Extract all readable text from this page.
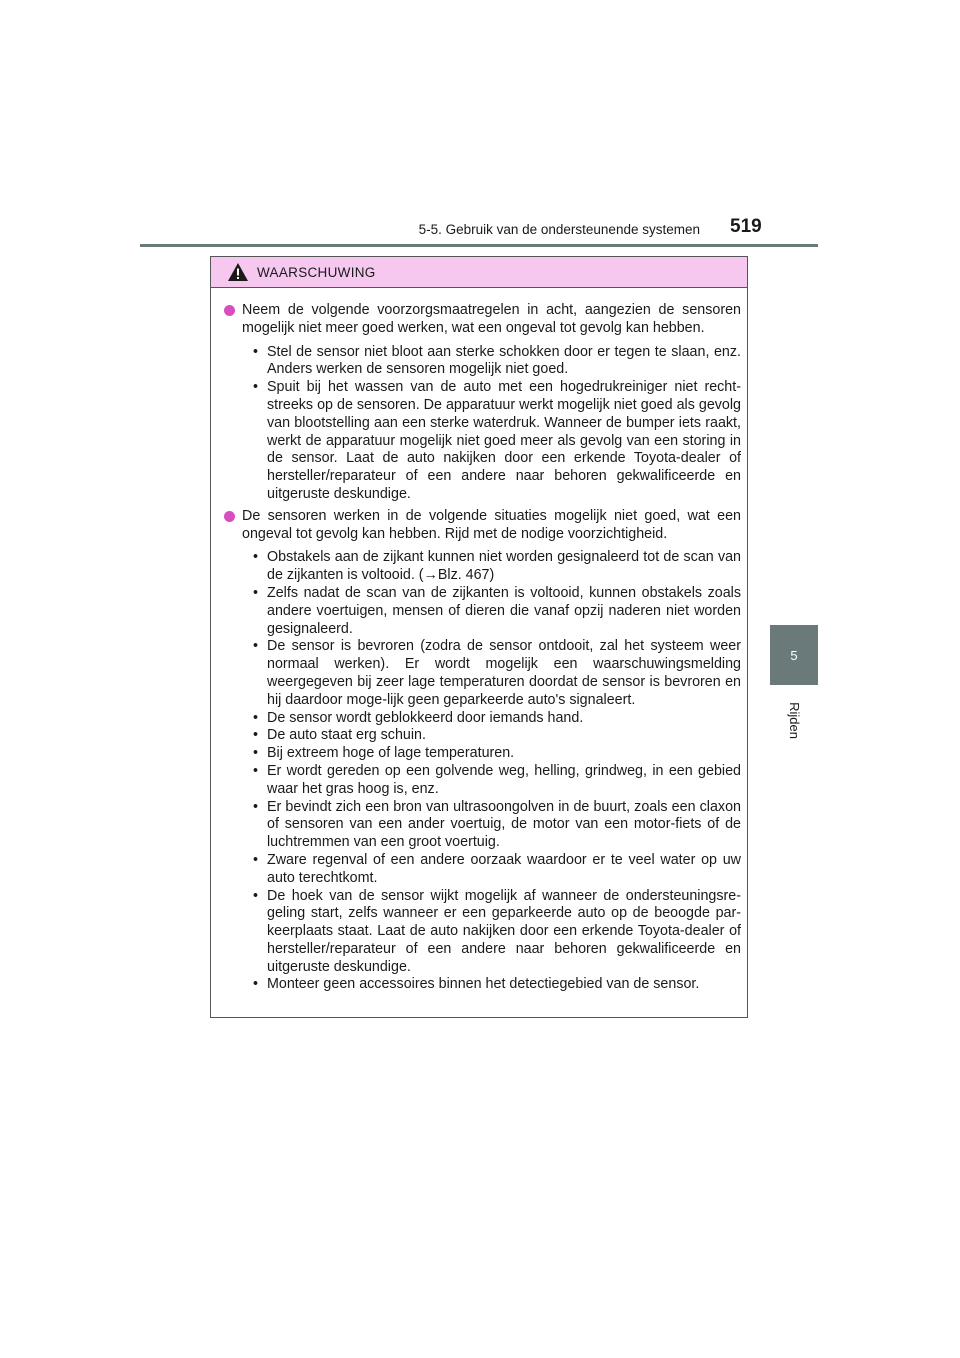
5-5. Gebruik van de ondersteunende systemen 519
5
Rijden
WAARSCHUWING
Neem de volgende voorzorgsmaatregelen in acht, aangezien de sensoren mogelijk niet meer goed werken, wat een ongeval tot gevolg kan hebben.
• Stel de sensor niet bloot aan sterke schokken door er tegen te slaan, enz. Anders werken de sensoren mogelijk niet goed.
• Spuit bij het wassen van de auto met een hogedrukreiniger niet recht-streeks op de sensoren. De apparatuur werkt mogelijk niet goed als gevolg van blootstelling aan een sterke waterdruk. Wanneer de bumper iets raakt, werkt de apparatuur mogelijk niet goed meer als gevolg van een storing in de sensor. Laat de auto nakijken door een erkende Toyota-dealer of hersteller/reparateur of een andere naar behoren gekwalificeerde en uitgeruste deskundige.
De sensoren werken in de volgende situaties mogelijk niet goed, wat een ongeval tot gevolg kan hebben. Rijd met de nodige voorzichtigheid.
• Obstakels aan de zijkant kunnen niet worden gesignaleerd tot de scan van de zijkanten is voltooid. (→Blz. 467)
• Zelfs nadat de scan van de zijkanten is voltooid, kunnen obstakels zoals andere voertuigen, mensen of dieren die vanaf opzij naderen niet worden gesignaleerd.
• De sensor is bevroren (zodra de sensor ontdooit, zal het systeem weer normaal werken). Er wordt mogelijk een waarschuwingsmelding weergegeven bij zeer lage temperaturen doordat de sensor is bevroren en hij daardoor moge-lijk geen geparkeerde auto's signaleert.
• De sensor wordt geblokkeerd door iemands hand.
• De auto staat erg schuin.
• Bij extreem hoge of lage temperaturen.
• Er wordt gereden op een golvende weg, helling, grindweg, in een gebied waar het gras hoog is, enz.
• Er bevindt zich een bron van ultrasoongolven in de buurt, zoals een claxon of sensoren van een ander voertuig, de motor van een motor-fiets of de luchtremmen van een groot voertuig.
• Zware regenval of een andere oorzaak waardoor er te veel water op uw auto terechtkomt.
• De hoek van de sensor wijkt mogelijk af wanneer de ondersteuningsre-geling start, zelfs wanneer er een geparkeerde auto op de beoogde par-keerplaats staat. Laat de auto nakijken door een erkende Toyota-dealer of hersteller/reparateur of een andere naar behoren gekwalificeerde en uitgeruste deskundige.
• Monteer geen accessoires binnen het detectiegebied van de sensor.
